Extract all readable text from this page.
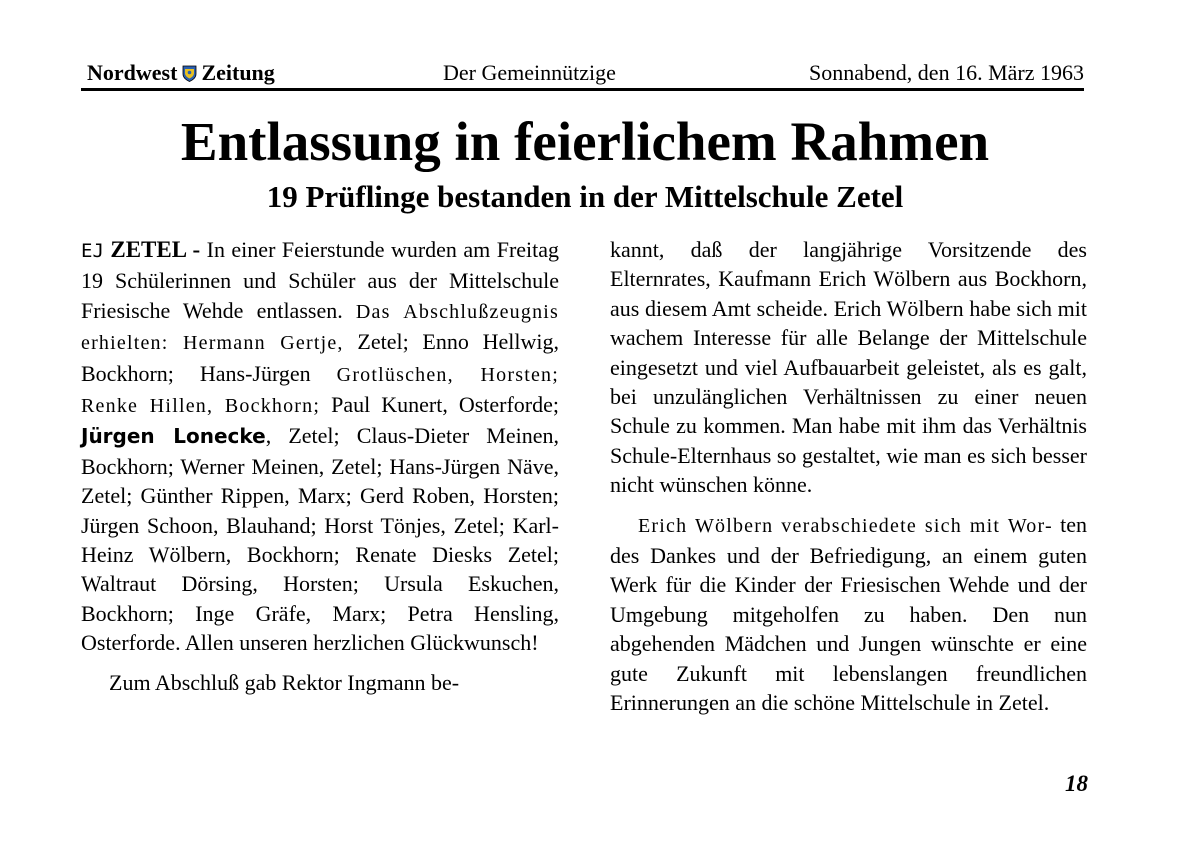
Nordwest Zeitung	Der Gemeinnützige	Sonnabend, den 16. März 1963
Entlassung in feierlichem Rahmen
19 Prüflinge bestanden in der Mittelschule Zetel

EJ ZETEL - In einer Feierstunde wurden am Freitag 19 Schülerinnen und Schüler aus der Mittelschule Friesische Wehde entlassen. Das Abschlußzeugnis erhielten: Hermann Gertje, Zetel; Enno Hellwig, Bockhorn; Hans-Jürgen Grotlüschen, Horsten; Renke Hillen, Bockhorn; Paul Kunert, Osterforde; Jürgen Lonecke, Zetel; Claus-Dieter Meinen, Bockhorn; Werner Meinen, Zetel; Hans-Jürgen Näve, Zetel; Günther Rippen, Marx; Gerd Roben, Horsten; Jürgen Schoon, Blauhand; Horst Tönjes, Zetel; Karl-Heinz Wölbern, Bockhorn; Renate Diesks Zetel; Waltraut Dörsing, Horsten; Ursula Eskuchen, Bockhorn; Inge Gräfe, Marx; Petra Hensling, Osterforde. Allen unseren herzlichen Glückwunsch!

Zum Abschluß gab Rektor Ingmann be-

kannt, daß der langjährige Vorsitzende des Elternrates, Kaufmann Erich Wölbern aus Bockhorn, aus diesem Amt scheide. Erich Wölbern habe sich mit wachem Interesse für alle Belange der Mittelschule eingesetzt und viel Aufbauarbeit geleistet, als es galt, bei unzulänglichen Verhältnissen zu einer neuen Schule zu kommen. Man habe mit ihm das Verhältnis Schule-Elternhaus so gestaltet, wie man es sich besser nicht wünschen könne.

Erich Wölbern verabschiedete sich mit Wor- ten des Dankes und der Befriedigung, an einem guten Werk für die Kinder der Friesischen Wehde und der Umgebung mitgeholfen zu haben. Den nun abgehenden Mädchen und Jungen wünschte er eine gute Zukunft mit lebenslangen freundlichen Erinnerungen an die schöne Mittelschule in Zetel.

18
